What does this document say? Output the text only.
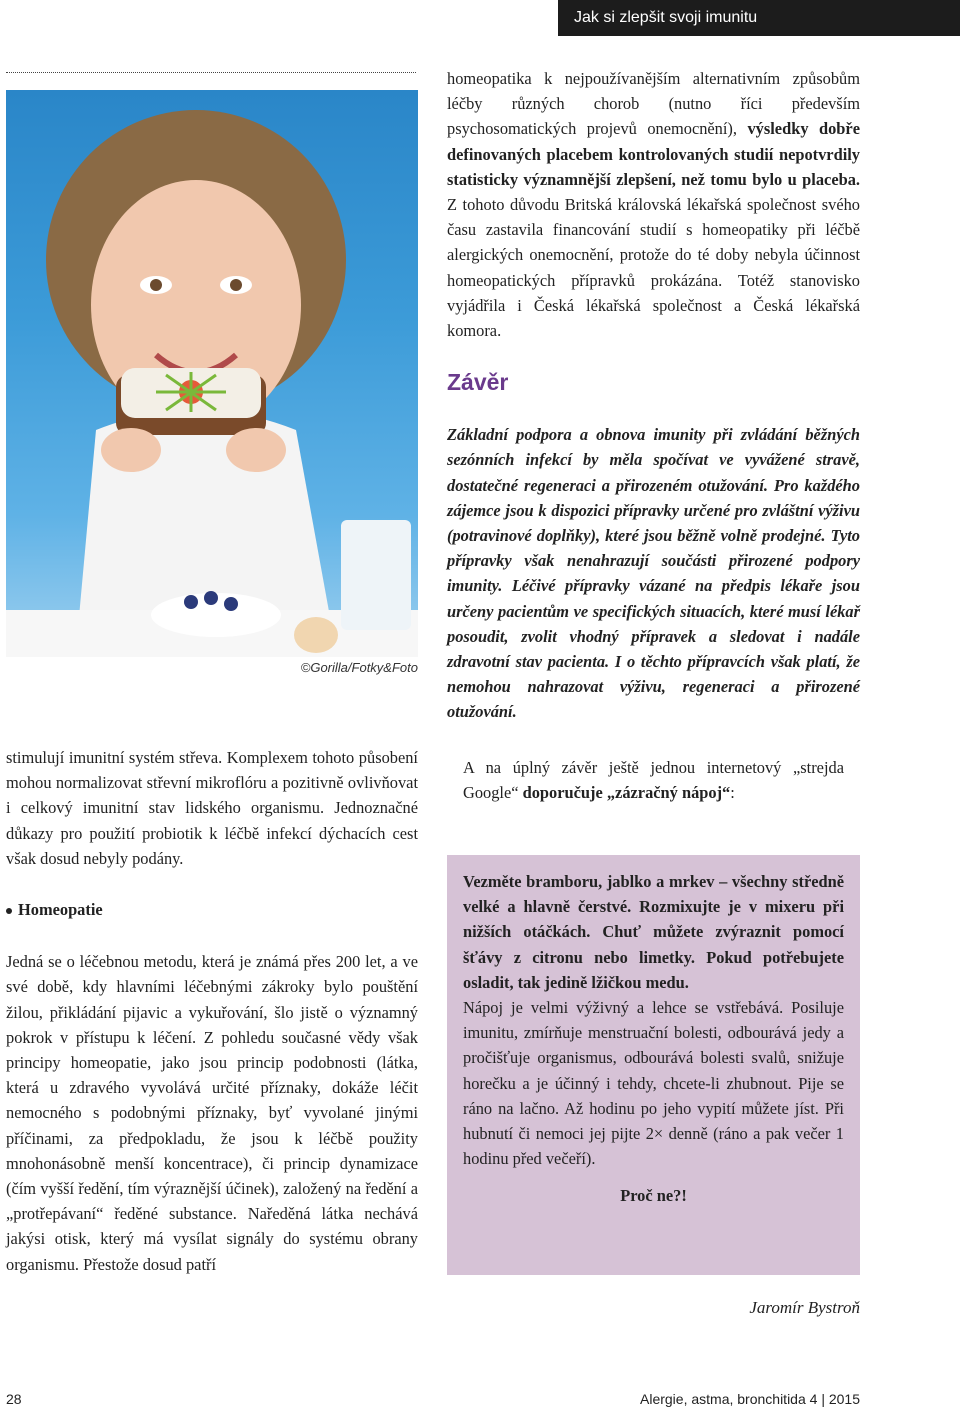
Jak si zlepšit svoji imunitu
©Gorilla/Fotky&Foto

stimulují imunitní systém střeva. Komplexem tohoto působení mohou normalizovat střevní mikroflóru a pozitivně ovlivňovat i celkový imunitní stav lidského organismu. Jednoznačné důkazy pro použití probiotik k léčbě infekcí dýchacích cest však dosud nebyly podány.

Homeopatie

Jedná se o léčebnou metodu, která je známá přes 200 let, a ve své době, kdy hlavními léčebnými zákroky bylo pouštění žilou, přikládání pijavic a vykuřování, šlo jistě o významný pokrok v přístupu k léčení. Z pohledu současné vědy však principy homeopatie, jako jsou princip podobnosti (látka, která u zdravého vyvolává určité příznaky, dokáže léčit nemocného s podobnými příznaky, byť vyvolané jinými příčinami, za předpokladu, že jsou k léčbě použity mnohonásobně menší koncentrace), či princip dynamizace (čím vyšší ředění, tím výraznější účinek), založený na ředění a „protřepávaní“ ředěné substance. Naředěná látka nechává jakýsi otisk, který má vysílat signály do systému obrany organismu. Přestože dosud patří

homeopatika k nejpoužívanějším alternativním způsobům léčby různých chorob (nutno říci především psychosomatických projevů onemocnění), výsledky dobře definovaných placebem kontrolovaných studií nepotvrdily statisticky významnější zlepšení, než tomu bylo u placeba. Z tohoto důvodu Britská královská lékařská společnost svého času zastavila financování studií s homeopatiky při léčbě alergických onemocnění, protože do té doby nebyla účinnost homeopatických přípravků prokázána. Totéž stanovisko vyjádřila i Česká lékařská společnost a Česká lékařská komora.

Závěr

Základní podpora a obnova imunity při zvládání běžných sezónních infekcí by měla spočívat ve vyvážené stravě, dostatečné regeneraci a přirozeném otužování. Pro každého zájemce jsou k dispozici přípravky určené pro zvláštní výživu (potravinové doplňky), které jsou běžně volně prodejné. Tyto přípravky však nenahrazují součásti přirozené podpory imunity. Léčivé přípravky vázané na předpis lékaře jsou určeny pacientům ve specifických situacích, které musí lékař posoudit, zvolit vhodný přípravek a sledovat i nadále zdravotní stav pacienta. I o těchto přípravcích však platí, že nemohou nahrazovat výživu, regeneraci a přirozené otužování.

A na úplný závěr ještě jednou internetový „strejda Google“ doporučuje „zázračný nápoj“:

Vezměte bramboru, jablko a mrkev – všechny středně velké a hlavně čerstvé. Rozmixujte je v mixeru při nižších otáčkách. Chuť můžete zvýraznit pomocí šťávy z citronu nebo limetky. Pokud potřebujete osladit, tak jedině lžičkou medu.

Nápoj je velmi výživný a lehce se vstřebává. Posiluje imunitu, zmírňuje menstruační bolesti, odbourává jedy a pročišťuje organismus, odbourává bolesti svalů, snižuje horečku a je účinný i tehdy, chcete-li zhubnout. Pije se ráno na lačno. Až hodinu po jeho vypití můžete jíst. Při hubnutí či nemoci jej pijte 2× denně (ráno a pak večer 1 hodinu před večeří).

Proč ne?!

Jaromír Bystroň
28	Alergie, astma, bronchitida 4 | 2015
